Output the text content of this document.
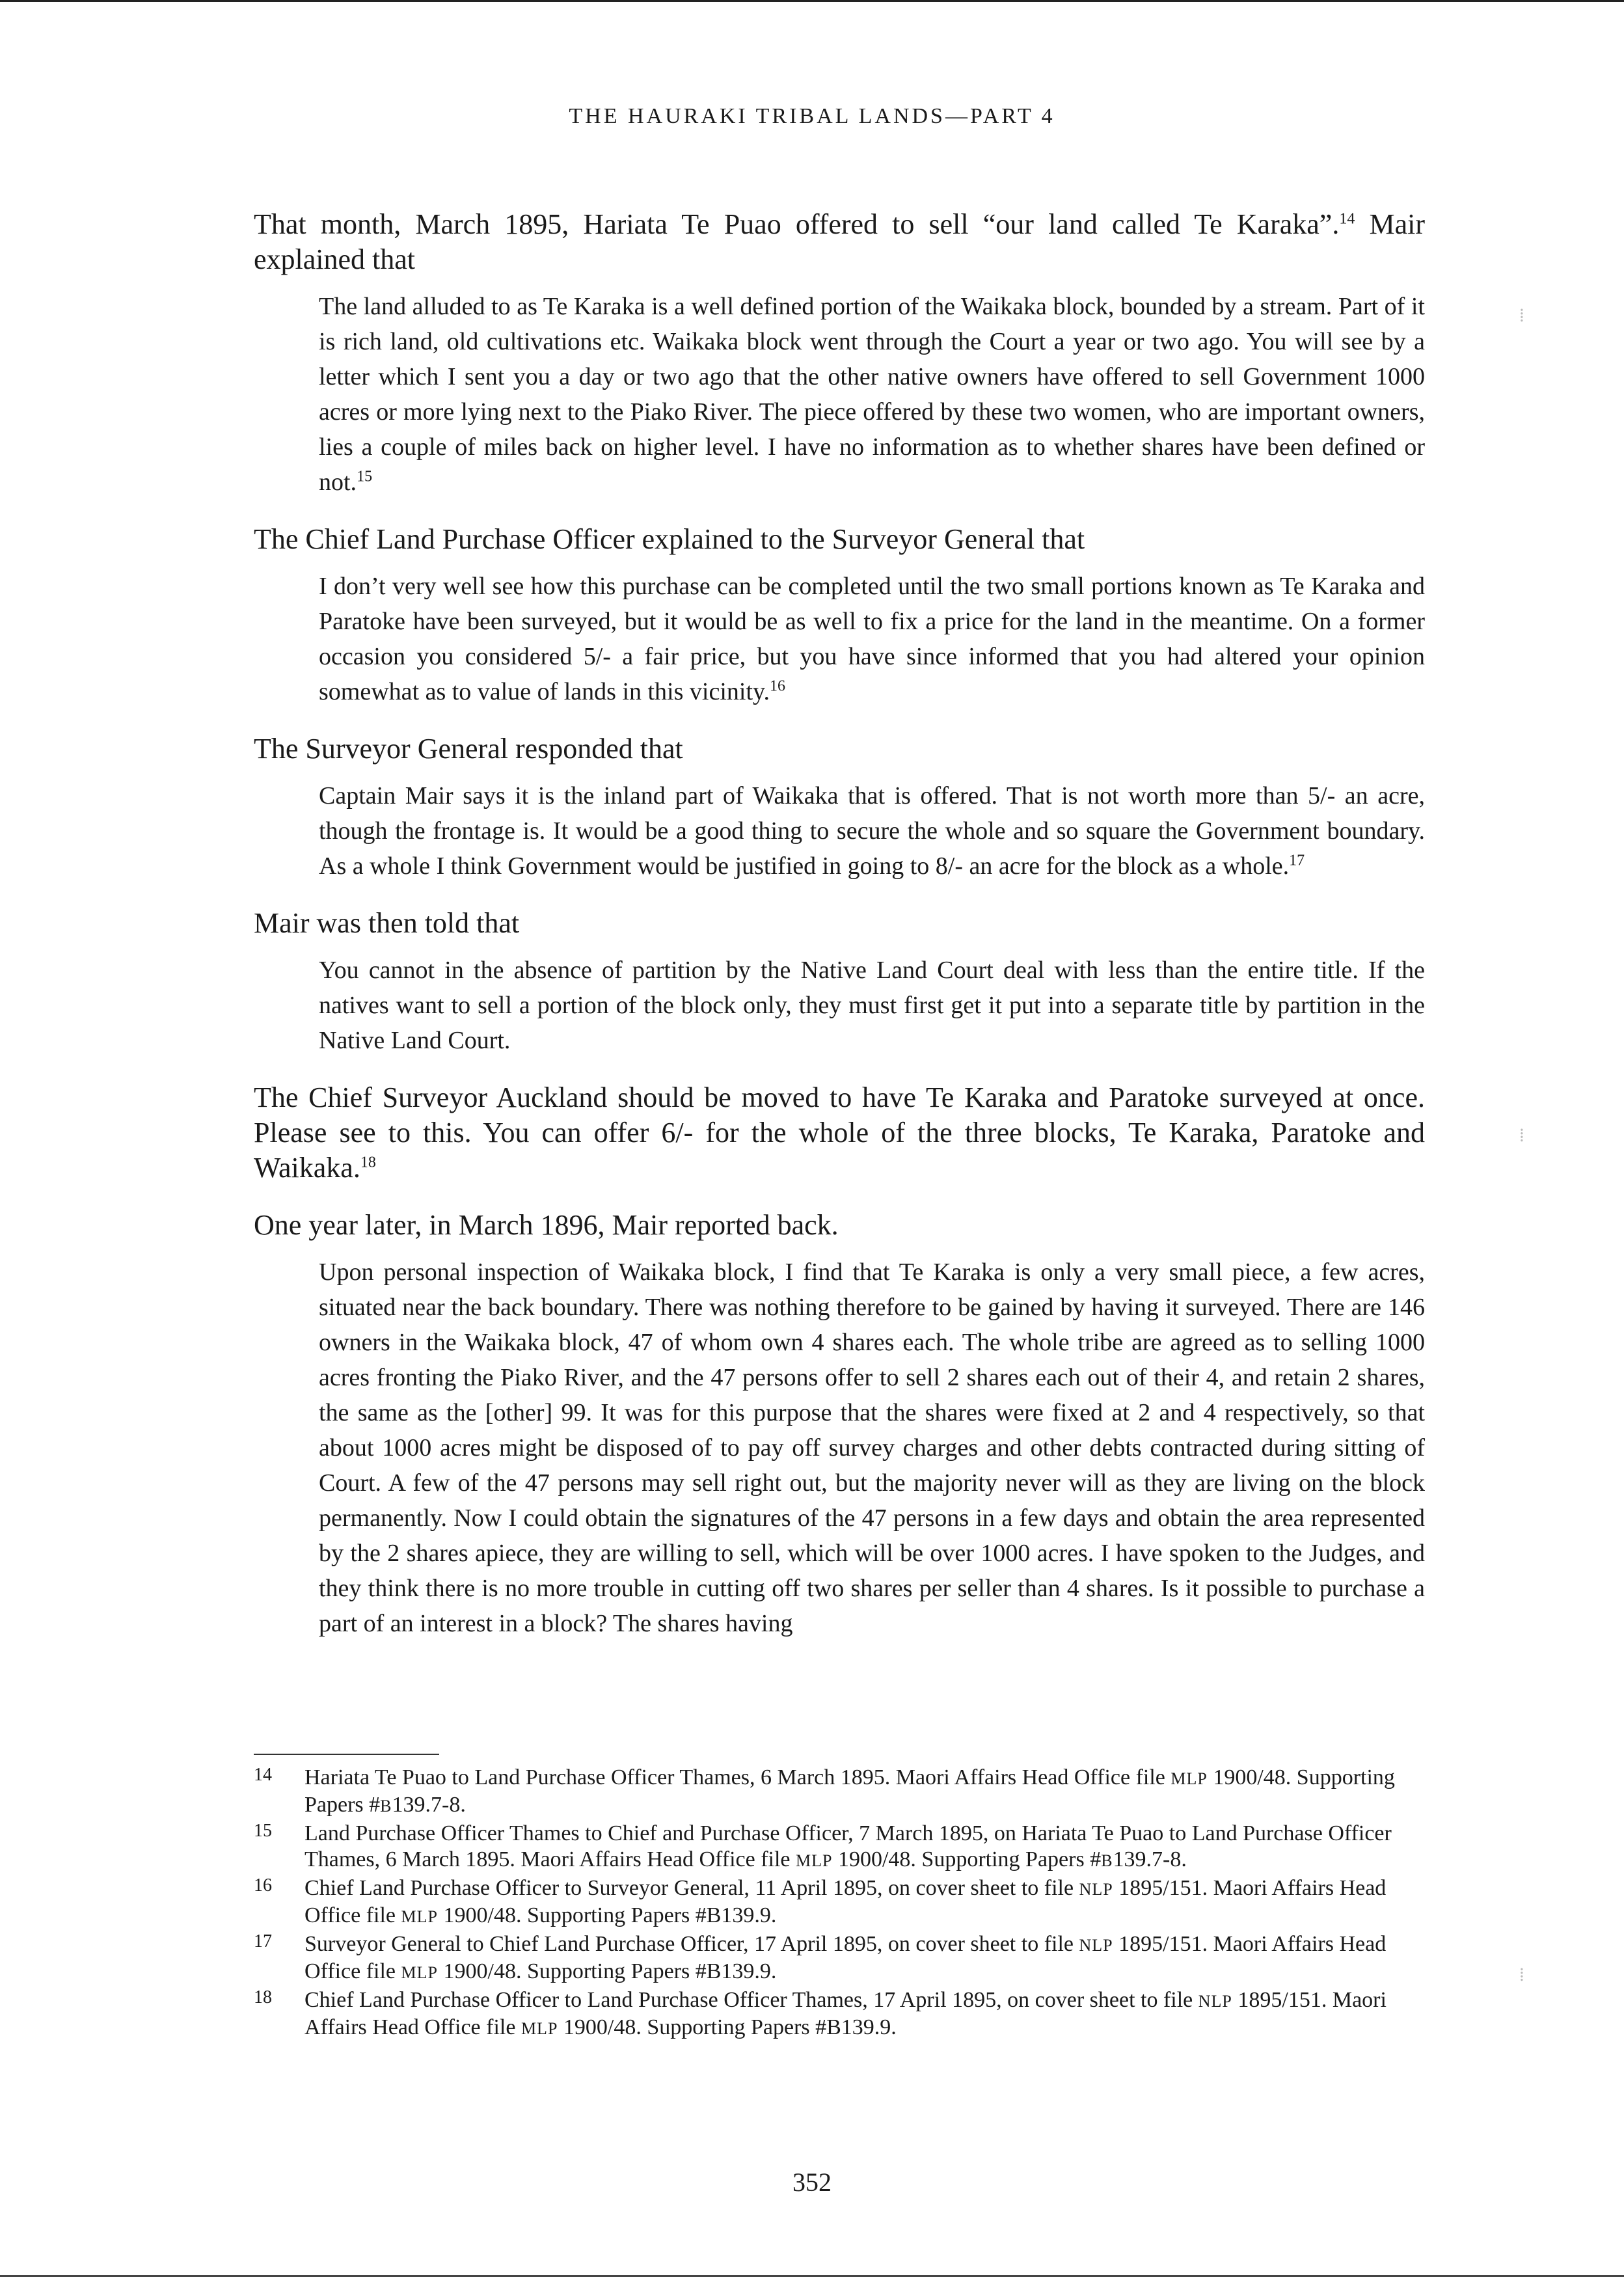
THE HAURAKI TRIBAL LANDS—PART 4

That month, March 1895, Hariata Te Puao offered to sell “our land called Te Karaka”.$^{14}$ Mair explained that

The land alluded to as Te Karaka is a well defined portion of the Waikaka block, bounded by a stream. Part of it is rich land, old cultivations etc. Waikaka block went through the Court a year or two ago. You will see by a letter which I sent you a day or two ago that the other native owners have offered to sell Government 1000 acres or more lying next to the Piako River. The piece offered by these two women, who are important owners, lies a couple of miles back on higher level. I have no information as to whether shares have been defined or not.$^{15}$

The Chief Land Purchase Officer explained to the Surveyor General that

I don’t very well see how this purchase can be completed until the two small portions known as Te Karaka and Paratoke have been surveyed, but it would be as well to fix a price for the land in the meantime. On a former occasion you considered 5/- a fair price, but you have since informed that you had altered your opinion somewhat as to value of lands in this vicinity.$^{16}$

The Surveyor General responded that

Captain Mair says it is the inland part of Waikaka that is offered. That is not worth more than 5/- an acre, though the frontage is. It would be a good thing to secure the whole and so square the Government boundary. As a whole I think Government would be justified in going to 8/- an acre for the block as a whole.$^{17}$

Mair was then told that

You cannot in the absence of partition by the Native Land Court deal with less than the entire title. If the natives want to sell a portion of the block only, they must first get it put into a separate title by partition in the Native Land Court.

The Chief Surveyor Auckland should be moved to have Te Karaka and Paratoke surveyed at once. Please see to this. You can offer 6/- for the whole of the three blocks, Te Karaka, Paratoke and Waikaka.$^{18}$

One year later, in March 1896, Mair reported back.

Upon personal inspection of Waikaka block, I find that Te Karaka is only a very small piece, a few acres, situated near the back boundary. There was nothing therefore to be gained by having it surveyed. There are 146 owners in the Waikaka block, 47 of whom own 4 shares each. The whole tribe are agreed as to selling 1000 acres fronting the Piako River, and the 47 persons offer to sell 2 shares each out of their 4, and retain 2 shares, the same as the [other] 99. It was for this purpose that the shares were fixed at 2 and 4 respectively, so that about 1000 acres might be disposed of to pay off survey charges and other debts contracted during sitting of Court. A few of the 47 persons may sell right out, but the majority never will as they are living on the block permanently. Now I could obtain the signatures of the 47 persons in a few days and obtain the area represented by the 2 shares apiece, they are willing to sell, which will be over 1000 acres. I have spoken to the Judges, and they think there is no more trouble in cutting off two shares per seller than 4 shares. Is it possible to purchase a part of an interest in a block? The shares having

14 Hariata Te Puao to Land Purchase Officer Thames, 6 March 1895. Maori Affairs Head Office file MLP 1900/48. Supporting Papers #B139.7-8.
15 Land Purchase Officer Thames to Chief and Purchase Officer, 7 March 1895, on Hariata Te Puao to Land Purchase Officer Thames, 6 March 1895. Maori Affairs Head Office file MLP 1900/48. Supporting Papers #B139.7-8.
16 Chief Land Purchase Officer to Surveyor General, 11 April 1895, on cover sheet to file NLP 1895/151. Maori Affairs Head Office file MLP 1900/48. Supporting Papers #B139.9.
17 Surveyor General to Chief Land Purchase Officer, 17 April 1895, on cover sheet to file NLP 1895/151. Maori Affairs Head Office file MLP 1900/48. Supporting Papers #B139.9.
18 Chief Land Purchase Officer to Land Purchase Officer Thames, 17 April 1895, on cover sheet to file NLP 1895/151. Maori Affairs Head Office file MLP 1900/48. Supporting Papers #B139.9.
352
⁞
⁞
⁞
